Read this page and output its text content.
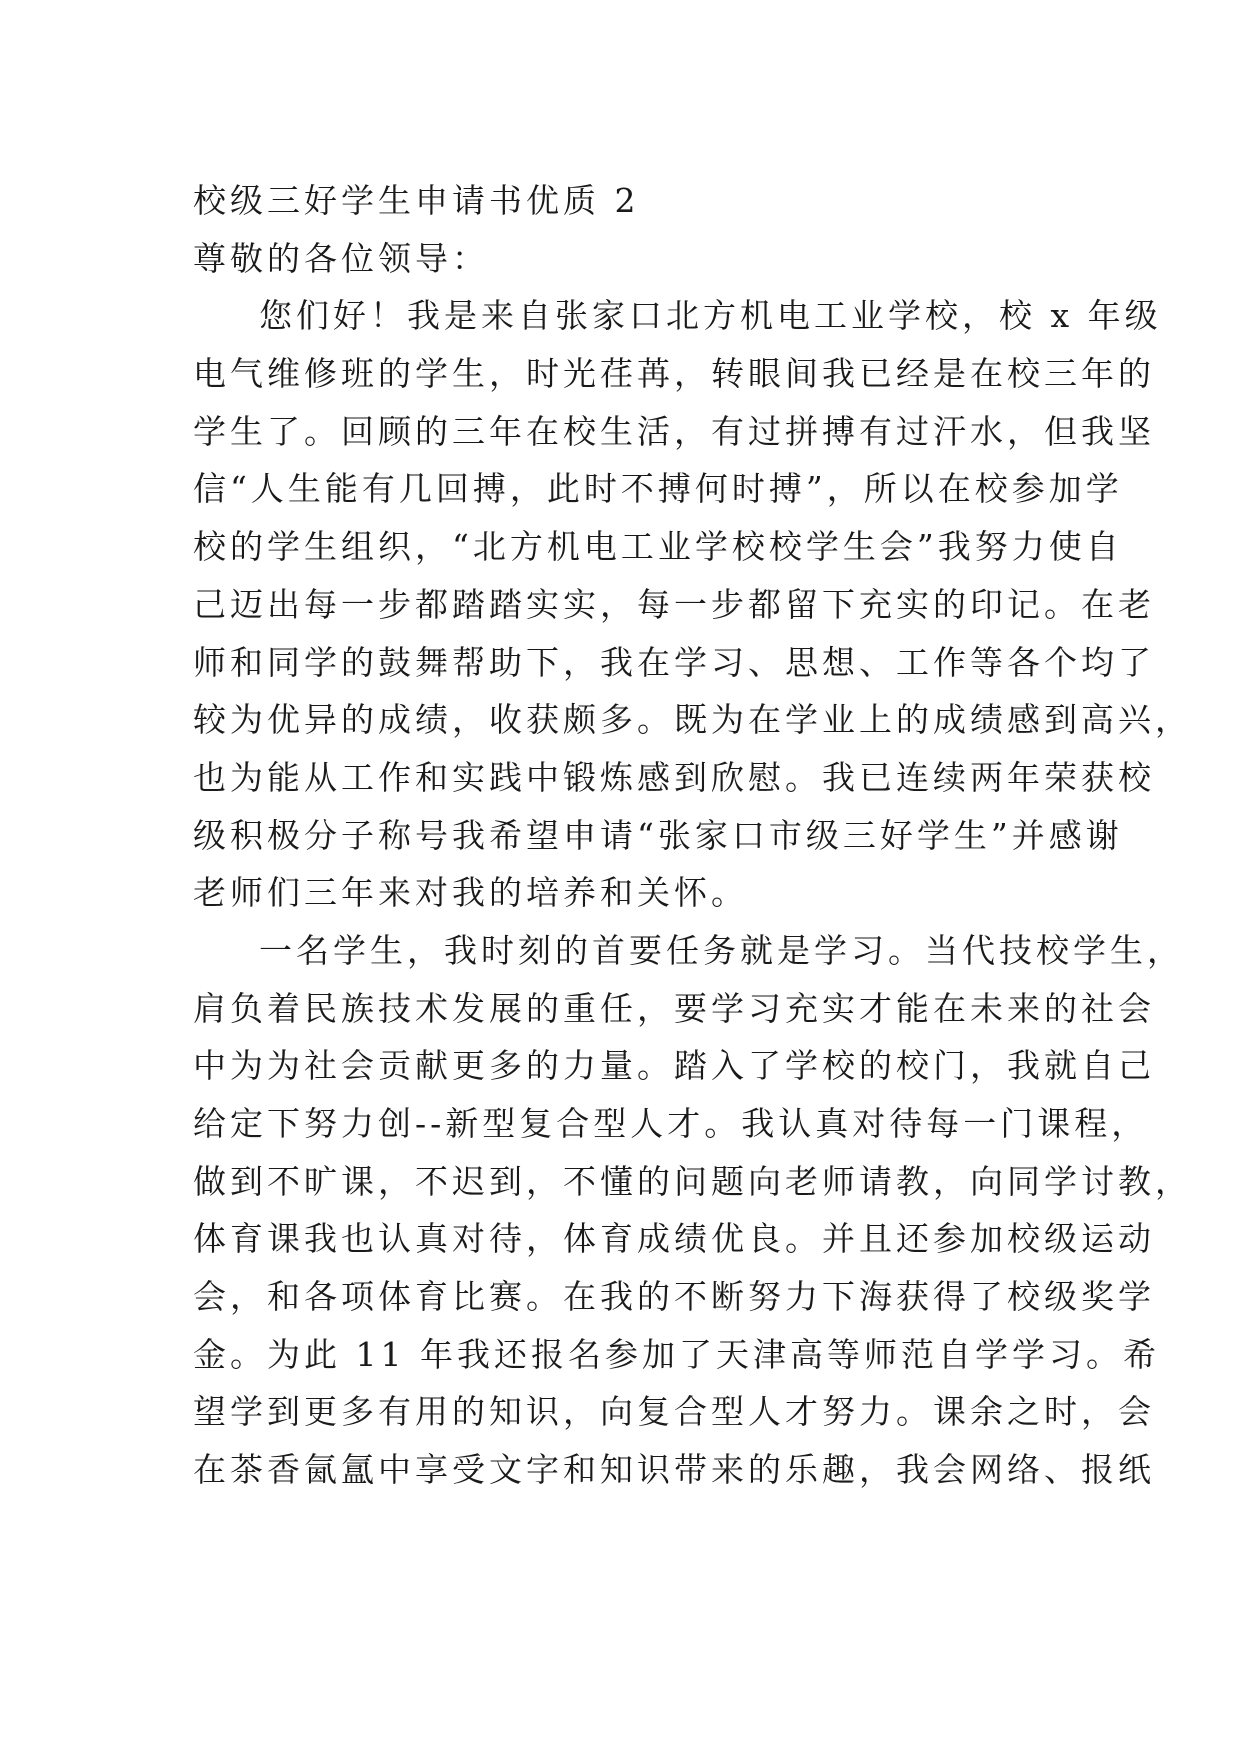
校级三好学生申请书优质 2
尊敬的各位领导：
您们好！我是来自张家口北方机电工业学校，校 x 年级
电气维修班的学生，时光荏苒，转眼间我已经是在校三年的
学生了。回顾的三年在校生活，有过拼搏有过汗水，但我坚
信“人生能有几回搏，此时不搏何时搏”，所以在校参加学
校的学生组织，“北方机电工业学校校学生会”我努力使自
己迈出每一步都踏踏实实，每一步都留下充实的印记。在老
师和同学的鼓舞帮助下，我在学习、思想、工作等各个均了
较为优异的成绩，收获颇多。既为在学业上的成绩感到高兴，
也为能从工作和实践中锻炼感到欣慰。我已连续两年荣获校
级积极分子称号我希望申请“张家口市级三好学生”并感谢
老师们三年来对我的培养和关怀。
一名学生，我时刻的首要任务就是学习。当代技校学生，
肩负着民族技术发展的重任，要学习充实才能在未来的社会
中为为社会贡献更多的力量。踏入了学校的校门，我就自己
给定下努力创--新型复合型人才。我认真对待每一门课程，
做到不旷课，不迟到，不懂的问题向老师请教，向同学讨教，
体育课我也认真对待，体育成绩优良。并且还参加校级运动
会，和各项体育比赛。在我的不断努力下海获得了校级奖学
金。为此 11 年我还报名参加了天津高等师范自学学习。希
望学到更多有用的知识，向复合型人才努力。课余之时，会
在茶香氤氲中享受文字和知识带来的乐趣，我会网络、报纸
